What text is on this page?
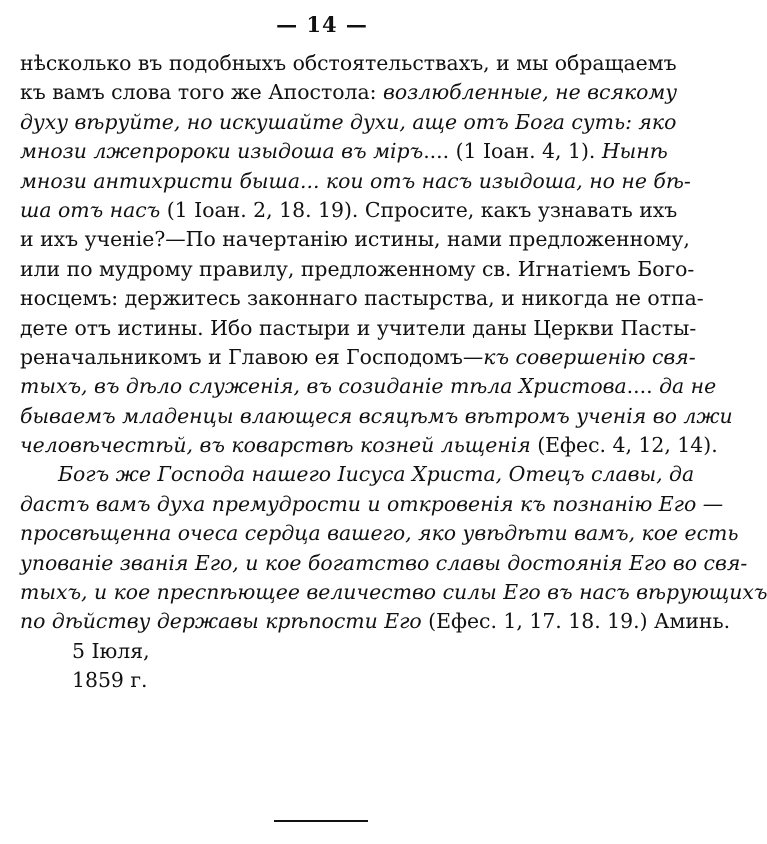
— 14 —
нѣсколько въ подобныхъ обстоятельствахъ, и мы обращаемъ
къ вамъ слова того же Апостола: возлюбленные, не всякому
духу вѣруйте, но искушайте духи, аще отъ Бога суть: яко
мнози лжепророки изыдоша въ міръ.... (1 Іоан. 4, 1). Нынѣ
мнози антихристи быша... кои отъ насъ изыдоша, но не бѣ-
ша отъ насъ (1 Іоан. 2, 18. 19). Спросите, какъ узнавать ихъ
и ихъ ученіе?—По начертанію истины, нами предложенному,
или по мудрому правилу, предложенному св. Игнатіемъ Бого-
носцемъ: держитесь законнаго пастырства, и никогда не отпа-
дете отъ истины. Ибо пастыри и учители даны Церкви Пасты-
реначальникомъ и Главою ея Господомъ—къ совершенію свя-
тыхъ, въ дѣло служенія, въ созиданіе тѣла Христова.... да не
бываемъ младенцы влающеся всяцѣмъ вѣтромъ ученія во лжи
человѣчестѣй, въ коварствѣ козней льщенія (Ефес. 4, 12, 14).
Богъ же Господа нашего Іисуса Христа, Отецъ славы, да
дастъ вамъ духа премудрости и откровенія къ познанію Его —
просвѣщенна очеса сердца вашего, яко увѣдѣти вамъ, кое есть
упованіе званія Его, и кое богатство славы достоянія Его во свя-
тыхъ, и кое преспѣющее величество силы Его въ насъ вѣрующихъ
по дѣйству державы крѣпости Его (Ефес. 1, 17. 18. 19.) Аминь.
5 Іюля,
1859 г.
